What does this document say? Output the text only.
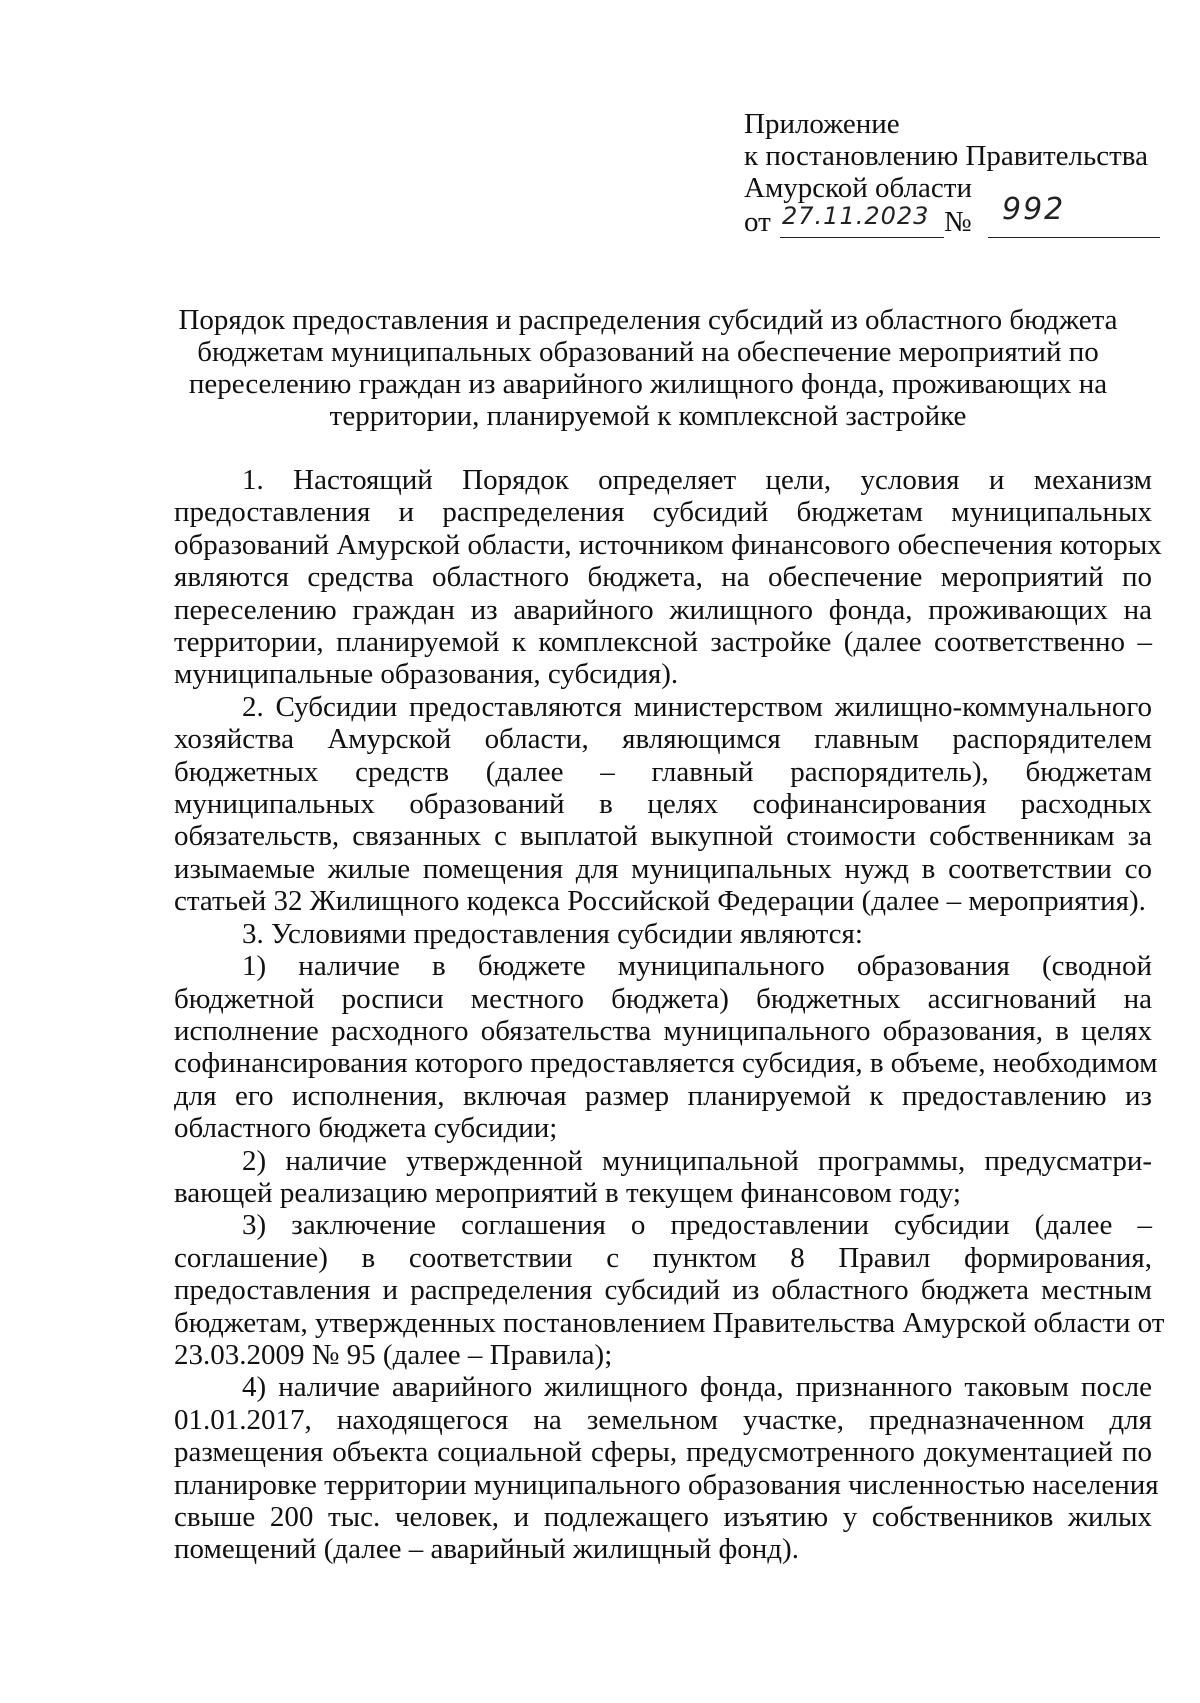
Приложение
к постановлению Правительства
Амурской области
от 27.11.2023 № 992
Порядок предоставления и распределения субсидий из областного бюджета
бюджетам муниципальных образований на обеспечение мероприятий по
переселению граждан из аварийного жилищного фонда, проживающих на
территории, планируемой к комплексной застройке
1. Настоящий Порядок определяет цели, условия и механизм
предоставления и распределения субсидий бюджетам муниципальных
образований Амурской области, источником финансового обеспечения которых
являются средства областного бюджета, на обеспечение мероприятий по
переселению граждан из аварийного жилищного фонда, проживающих на
территории, планируемой к комплексной застройке (далее соответственно –
муниципальные образования, субсидия).
2. Субсидии предоставляются министерством жилищно-коммунального
хозяйства Амурской области, являющимся главным распорядителем
бюджетных средств (далее – главный распорядитель), бюджетам
муниципальных образований в целях софинансирования расходных
обязательств, связанных с выплатой выкупной стоимости собственникам за
изымаемые жилые помещения для муниципальных нужд в соответствии со
статьей 32 Жилищного кодекса Российской Федерации (далее – мероприятия).
3. Условиями предоставления субсидии являются:
1) наличие в бюджете муниципального образования (сводной
бюджетной росписи местного бюджета) бюджетных ассигнований на
исполнение расходного обязательства муниципального образования, в целях
софинансирования которого предоставляется субсидия, в объеме, необходимом
для его исполнения, включая размер планируемой к предоставлению из
областного бюджета субсидии;
2) наличие утвержденной муниципальной программы, предусматри-
вающей реализацию мероприятий в текущем финансовом году;
3) заключение соглашения о предоставлении субсидии (далее –
соглашение) в соответствии с пунктом 8 Правил формирования,
предоставления и распределения субсидий из областного бюджета местным
бюджетам, утвержденных постановлением Правительства Амурской области от
23.03.2009 № 95 (далее – Правила);
4) наличие аварийного жилищного фонда, признанного таковым после
01.01.2017, находящегося на земельном участке, предназначенном для
размещения объекта социальной сферы, предусмотренного документацией по
планировке территории муниципального образования численностью населения
свыше 200 тыс. человек, и подлежащего изъятию у собственников жилых
помещений (далее – аварийный жилищный фонд).
